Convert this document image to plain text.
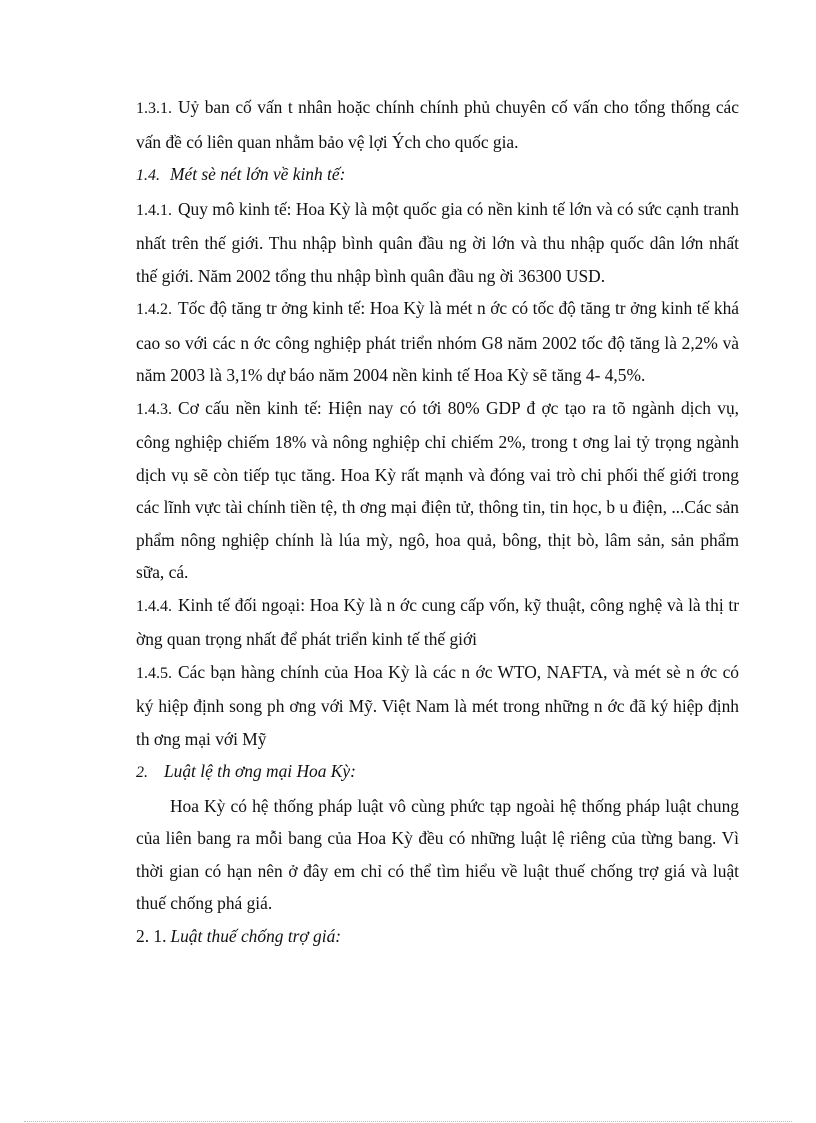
1.3.1. Uỷ ban cố vấn t nhân hoặc chính chính phủ chuyên cố vấn cho tổng thống các vấn đề có liên quan nhằm bảo vệ lợi Ých cho quốc gia.

1.4. Mét sè nét lớn về kinh tế:

1.4.1. Quy mô kinh tế: Hoa Kỳ là một quốc gia có nền kinh tế lớn và có sức cạnh tranh nhất trên thế giới. Thu nhập bình quân đầu ng ời lớn và thu nhập quốc dân lớn nhất thế giới. Năm 2002 tổng thu nhập bình quân đầu ng ời 36300 USD.

1.4.2. Tốc độ tăng tr ởng kinh tế: Hoa Kỳ là mét n ớc có tốc độ tăng tr ởng kinh tế khá cao so với các n ớc công nghiệp phát triển nhóm G8 năm 2002 tốc độ tăng là 2,2% và năm 2003 là 3,1% dự báo năm 2004 nền kinh tế Hoa Kỳ sẽ tăng 4- 4,5%.

1.4.3. Cơ cấu nền kinh tế: Hiện nay có tới 80% GDP đ ợc tạo ra tõ ngành dịch vụ, công nghiệp chiếm 18% và nông nghiệp chỉ chiếm 2%, trong t ơng lai tỷ trọng ngành dịch vụ sẽ còn tiếp tục tăng. Hoa Kỳ rất mạnh và đóng vai trò chi phối thế giới trong các lĩnh vực tài chính tiền tệ, th ơng mại điện tử, thông tin, tin học, b u điện, ...Các sản phẩm nông nghiệp chính là lúa mỳ, ngô, hoa quả, bông, thịt bò, lâm sản, sản phẩm sữa, cá.

1.4.4. Kinh tế đối ngoại: Hoa Kỳ là n ớc cung cấp vốn, kỹ thuật, công nghệ và là thị tr ờng quan trọng nhất để phát triển kinh tế thế giới

1.4.5. Các bạn hàng chính của Hoa Kỳ là các n ớc WTO, NAFTA, và mét sè n ớc có ký hiệp định song ph ơng với Mỹ. Việt Nam là mét trong những n ớc đã ký hiệp định th ơng mại với Mỹ

2. Luật lệ th ơng mại Hoa Kỳ:

Hoa Kỳ có hệ thống pháp luật vô cùng phức tạp ngoài hệ thống pháp luật chung của liên bang ra mỗi bang của Hoa Kỳ đều có những luật lệ riêng của từng bang. Vì thời gian có hạn nên ở đây em chỉ có thể tìm hiểu về luật thuế chống trợ giá và luật thuế chống phá giá.

2. 1. Luật thuế chống trợ giá:
